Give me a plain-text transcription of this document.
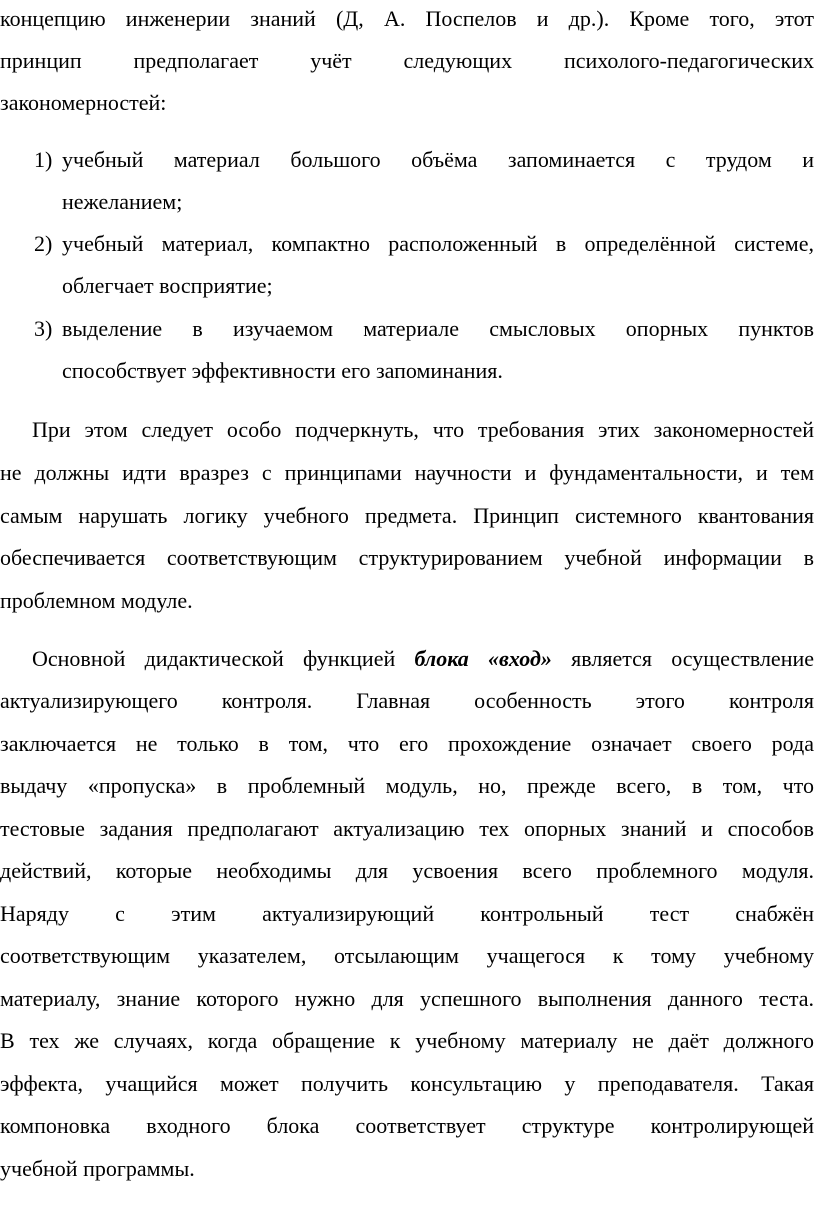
концепцию инженерии знаний (Д, А. Поспелов и др.). Кроме того, этот
принцип предполагает учёт следующих психолого-педагогических
закономерностей:
1) учебный материал большого объёма запоминается с трудом и
нежеланием;
2) учебный материал, компактно расположенный в определённой системе,
облегчает восприятие;
3) выделение в изучаемом материале смысловых опорных пунктов
способствует эффективности его запоминания.
При этом следует особо подчеркнуть, что требования этих закономерностей
не должны идти вразрез с принципами научности и фундаментальности, и тем
самым нарушать логику учебного предмета. Принцип системного квантования
обеспечивается соответствующим структурированием учебной информации в
проблемном модуле.
Основной дидактической функцией блока «вход» является осуществление
актуализирующего контроля. Главная особенность этого контроля
заключается не только в том, что его прохождение означает своего рода
выдачу «пропуска» в проблемный модуль, но, прежде всего, в том, что
тестовые задания предполагают актуализацию тех опорных знаний и способов
действий, которые необходимы для усвоения всего проблемного модуля.
Наряду с этим актуализирующий контрольный тест снабжён
соответствующим указателем, отсылающим учащегося к тому учебному
материалу, знание которого нужно для успешного выполнения данного теста.
В тех же случаях, когда обращение к учебному материалу не даёт должного
эффекта, учащийся может получить консультацию у преподавателя. Такая
компоновка входного блока соответствует структуре контролирующей
учебной программы.
